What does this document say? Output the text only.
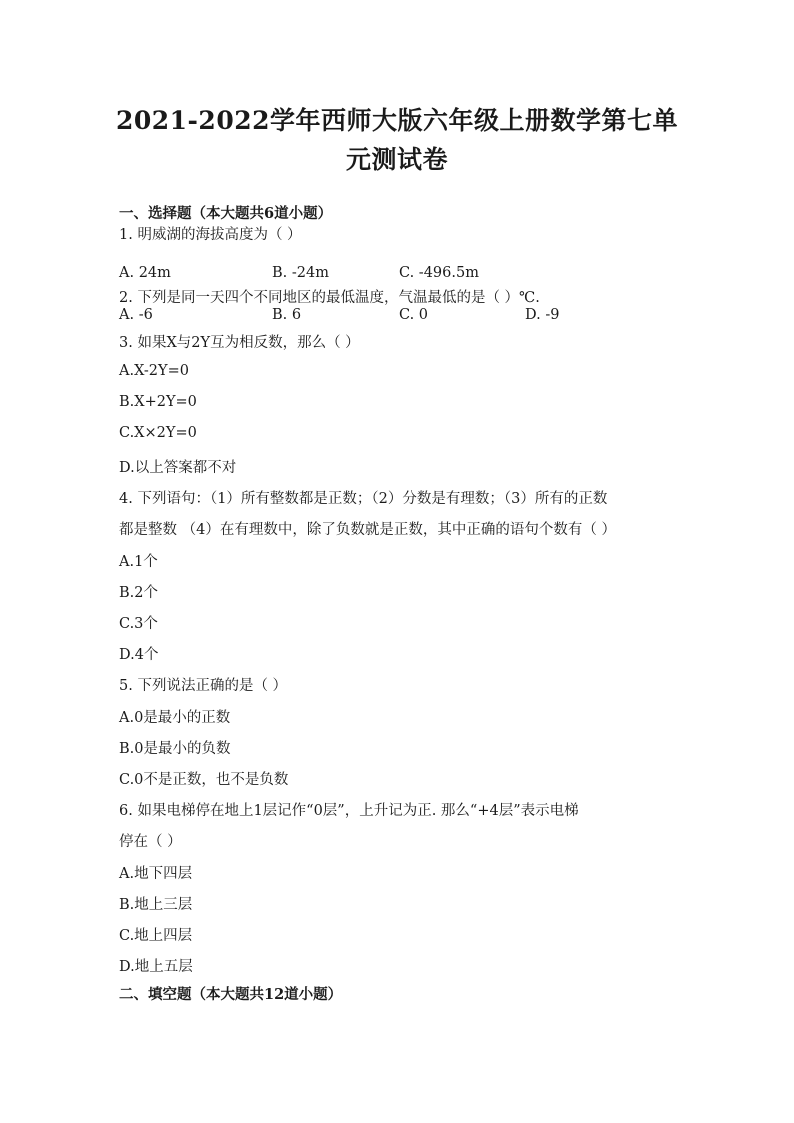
2021-2022学年西师大版六年级上册数学第七单
元测试卷
一、选择题（本大题共6道小题）
1. 明威湖的海拔高度为（ ）
A. 24m	B. -24m	C. -496.5m
2. 下列是同一天四个不同地区的最低温度，气温最低的是（ ）℃.
A. -6	B. 6	C. 0	D. -9
3. 如果X与2Y互为相反数，那么（ ）
A.X-2Y=0
B.X+2Y=0
C.X×2Y=0
D.以上答案都不对
4. 下列语句：（1）所有整数都是正数；（2）分数是有理数；（3）所有的正数
都是整数 （4）在有理数中，除了负数就是正数，其中正确的语句个数有（ ）
A.1个
B.2个
C.3个
D.4个
5. 下列说法正确的是（ ）
A.0是最小的正数
B.0是最小的负数
C.0不是正数，也不是负数
6. 如果电梯停在地上1层记作“0层”，上升记为正. 那么“+4层”表示电梯
停在（ ）
A.地下四层
B.地上三层
C.地上四层
D.地上五层
二、填空题（本大题共12道小题）
